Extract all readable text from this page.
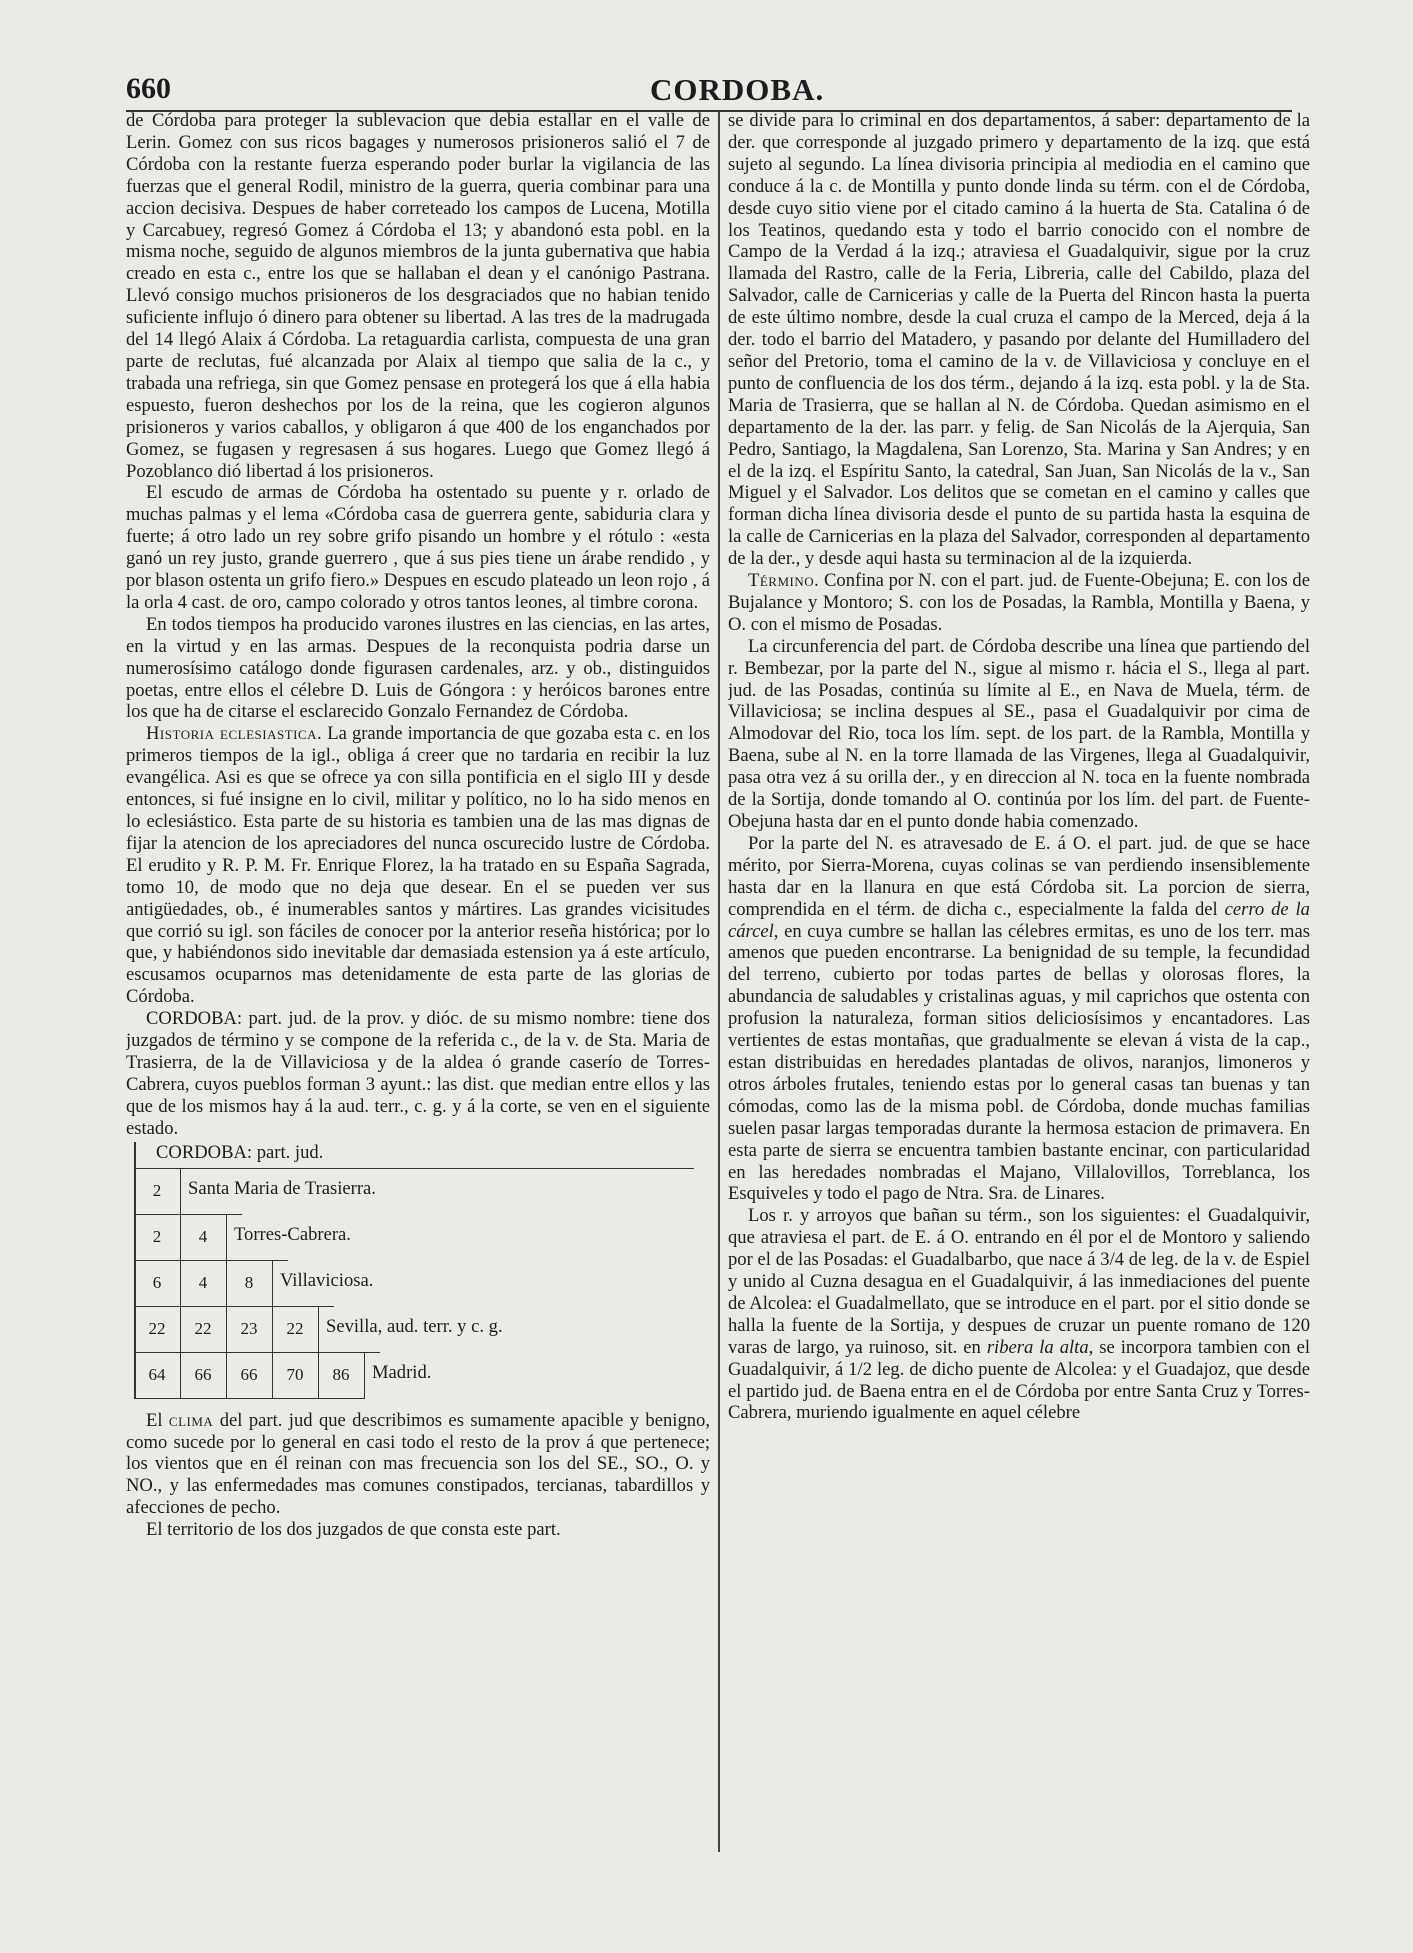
660	CORDOBA.

de Córdoba para proteger la sublevacion que debia estallar en el valle de Lerin. Gomez con sus ricos bagages y numerosos prisioneros salió el 7 de Córdoba con la restante fuerza esperando poder burlar la vigilancia de las fuerzas que el general Rodil, ministro de la guerra, queria combinar para una accion decisiva. Despues de haber correteado los campos de Lucena, Motilla y Carcabuey, regresó Gomez á Córdoba el 13; y abandonó esta pobl. en la misma noche, seguido de algunos miembros de la junta gubernativa que habia creado en esta c., entre los que se hallaban el dean y el canónigo Pastrana. Llevó consigo muchos prisioneros de los desgraciados que no habian tenido suficiente influjo ó dinero para obtener su libertad. A las tres de la madrugada del 14 llegó Alaix á Córdoba. La retaguardia carlista, compuesta de una gran parte de reclutas, fué alcanzada por Alaix al tiempo que salia de la c., y trabada una refriega, sin que Gomez pensase en protegerá los que á ella habia espuesto, fueron deshechos por los de la reina, que les cogieron algunos prisioneros y varios caballos, y obligaron á que 400 de los enganchados por Gomez, se fugasen y regresasen á sus hogares. Luego que Gomez llegó á Pozoblanco dió libertad á los prisioneros.

El escudo de armas de Córdoba ha ostentado su puente y r. orlado de muchas palmas y el lema «Córdoba casa de guerrera gente, sabiduria clara y fuerte; á otro lado un rey sobre grifo pisando un hombre y el rótulo : «esta ganó un rey justo, grande guerrero , que á sus pies tiene un árabe rendido , y por blason ostenta un grifo fiero.» Despues en escudo plateado un leon rojo , á la orla 4 cast. de oro, campo colorado y otros tantos leones, al timbre corona.

En todos tiempos ha producido varones ilustres en las ciencias, en las artes, en la virtud y en las armas. Despues de la reconquista podria darse un numerosísimo catálogo donde figurasen cardenales, arz. y ob., distinguidos poetas, entre ellos el célebre D. Luis de Góngora : y heróicos barones entre los que ha de citarse el esclarecido Gonzalo Fernandez de Córdoba.

Historia eclesiastica. La grande importancia de que gozaba esta c. en los primeros tiempos de la igl., obliga á creer que no tardaria en recibir la luz evangélica. Asi es que se ofrece ya con silla pontificia en el siglo III y desde entonces, si fué insigne en lo civil, militar y político, no lo ha sido menos en lo eclesiástico. Esta parte de su historia es tambien una de las mas dignas de fijar la atencion de los apreciadores del nunca oscurecido lustre de Córdoba. El erudito y R. P. M. Fr. Enrique Florez, la ha tratado en su España Sagrada, tomo 10, de modo que no deja que desear. En el se pueden ver sus antigüedades, ob., é inumerables santos y mártires. Las grandes vicisitudes que corrió su igl. son fáciles de conocer por la anterior reseña histórica; por lo que, y habiéndonos sido inevitable dar demasiada estension ya á este artículo, escusamos ocuparnos mas detenidamente de esta parte de las glorias de Córdoba.

CORDOBA: part. jud. de la prov. y dióc. de su mismo nombre: tiene dos juzgados de término y se compone de la referida c., de la v. de Sta. Maria de Trasierra, de la de Villaviciosa y de la aldea ó grande caserío de Torres-Cabrera, cuyos pueblos forman 3 ayunt.: las dist. que median entre ellos y las que de los mismos hay á la aud. terr., c. g. y á la corte, se ven en el siguiente estado.

CORDOBA: part. jud.
2	Santa Maria de Trasierra.
2	4	Torres-Cabrera.
6	4	8	Villaviciosa.
22	22	23	22	Sevilla, aud. terr. y c. g.
64	66	66	70	86	Madrid.

El clima del part. jud que describimos es sumamente apacible y benigno, como sucede por lo general en casi todo el resto de la prov á que pertenece; los vientos que en él reinan con mas frecuencia son los del SE., SO., O. y NO., y las enfermedades mas comunes constipados, tercianas, tabardillos y afecciones de pecho.

El territorio de los dos juzgados de que consta este part.

se divide para lo criminal en dos departamentos, á saber: departamento de la der. que corresponde al juzgado primero y departamento de la izq. que está sujeto al segundo. La línea divisoria principia al mediodia en el camino que conduce á la c. de Montilla y punto donde linda su térm. con el de Córdoba, desde cuyo sitio viene por el citado camino á la huerta de Sta. Catalina ó de los Teatinos, quedando esta y todo el barrio conocido con el nombre de Campo de la Verdad á la izq.; atraviesa el Guadalquivir, sigue por la cruz llamada del Rastro, calle de la Feria, Libreria, calle del Cabildo, plaza del Salvador, calle de Carnicerias y calle de la Puerta del Rincon hasta la puerta de este último nombre, desde la cual cruza el campo de la Merced, deja á la der. todo el barrio del Matadero, y pasando por delante del Humilladero del señor del Pretorio, toma el camino de la v. de Villaviciosa y concluye en el punto de confluencia de los dos térm., dejando á la izq. esta pobl. y la de Sta. Maria de Trasierra, que se hallan al N. de Córdoba. Quedan asimismo en el departamento de la der. las parr. y felig. de San Nicolás de la Ajerquia, San Pedro, Santiago, la Magdalena, San Lorenzo, Sta. Marina y San Andres; y en el de la izq. el Espíritu Santo, la catedral, San Juan, San Nicolás de la v., San Miguel y el Salvador. Los delitos que se cometan en el camino y calles que forman dicha línea divisoria desde el punto de su partida hasta la esquina de la calle de Carnicerias en la plaza del Salvador, corresponden al departamento de la der., y desde aqui hasta su terminacion al de la izquierda.

Término. Confina por N. con el part. jud. de Fuente-Obejuna; E. con los de Bujalance y Montoro; S. con los de Posadas, la Rambla, Montilla y Baena, y O. con el mismo de Posadas.

La circunferencia del part. de Córdoba describe una línea que partiendo del r. Bembezar, por la parte del N., sigue al mismo r. hácia el S., llega al part. jud. de las Posadas, continúa su límite al E., en Nava de Muela, térm. de Villaviciosa; se inclina despues al SE., pasa el Guadalquivir por cima de Almodovar del Rio, toca los lím. sept. de los part. de la Rambla, Montilla y Baena, sube al N. en la torre llamada de las Virgenes, llega al Guadalquivir, pasa otra vez á su orilla der., y en direccion al N. toca en la fuente nombrada de la Sortija, donde tomando al O. continúa por los lím. del part. de Fuente-Obejuna hasta dar en el punto donde habia comenzado.

Por la parte del N. es atravesado de E. á O. el part. jud. de que se hace mérito, por Sierra-Morena, cuyas colinas se van perdiendo insensiblemente hasta dar en la llanura en que está Córdoba sit. La porcion de sierra, comprendida en el térm. de dicha c., especialmente la falda del cerro de la cárcel, en cuya cumbre se hallan las célebres ermitas, es uno de los terr. mas amenos que pueden encontrarse. La benignidad de su temple, la fecundidad del terreno, cubierto por todas partes de bellas y olorosas flores, la abundancia de saludables y cristalinas aguas, y mil caprichos que ostenta con profusion la naturaleza, forman sitios deliciosísimos y encantadores. Las vertientes de estas montañas, que gradualmente se elevan á vista de la cap., estan distribuidas en heredades plantadas de olivos, naranjos, limoneros y otros árboles frutales, teniendo estas por lo general casas tan buenas y tan cómodas, como las de la misma pobl. de Córdoba, donde muchas familias suelen pasar largas temporadas durante la hermosa estacion de primavera. En esta parte de sierra se encuentra tambien bastante encinar, con particularidad en las heredades nombradas el Majano, Villalovillos, Torreblanca, los Esquiveles y todo el pago de Ntra. Sra. de Linares.

Los r. y arroyos que bañan su térm., son los siguientes: el Guadalquivir, que atraviesa el part. de E. á O. entrando en él por el de Montoro y saliendo por el de las Posadas: el Guadalbarbo, que nace á 3/4 de leg. de la v. de Espiel y unido al Cuzna desagua en el Guadalquivir, á las inmediaciones del puente de Alcolea: el Guadalmellato, que se introduce en el part. por el sitio donde se halla la fuente de la Sortija, y despues de cruzar un puente romano de 120 varas de largo, ya ruinoso, sit. en ribera la alta, se incorpora tambien con el Guadalquivir, á 1/2 leg. de dicho puente de Alcolea: y el Guadajoz, que desde el partido jud. de Baena entra en el de Córdoba por entre Santa Cruz y Torres-Cabrera, muriendo igualmente en aquel célebre
